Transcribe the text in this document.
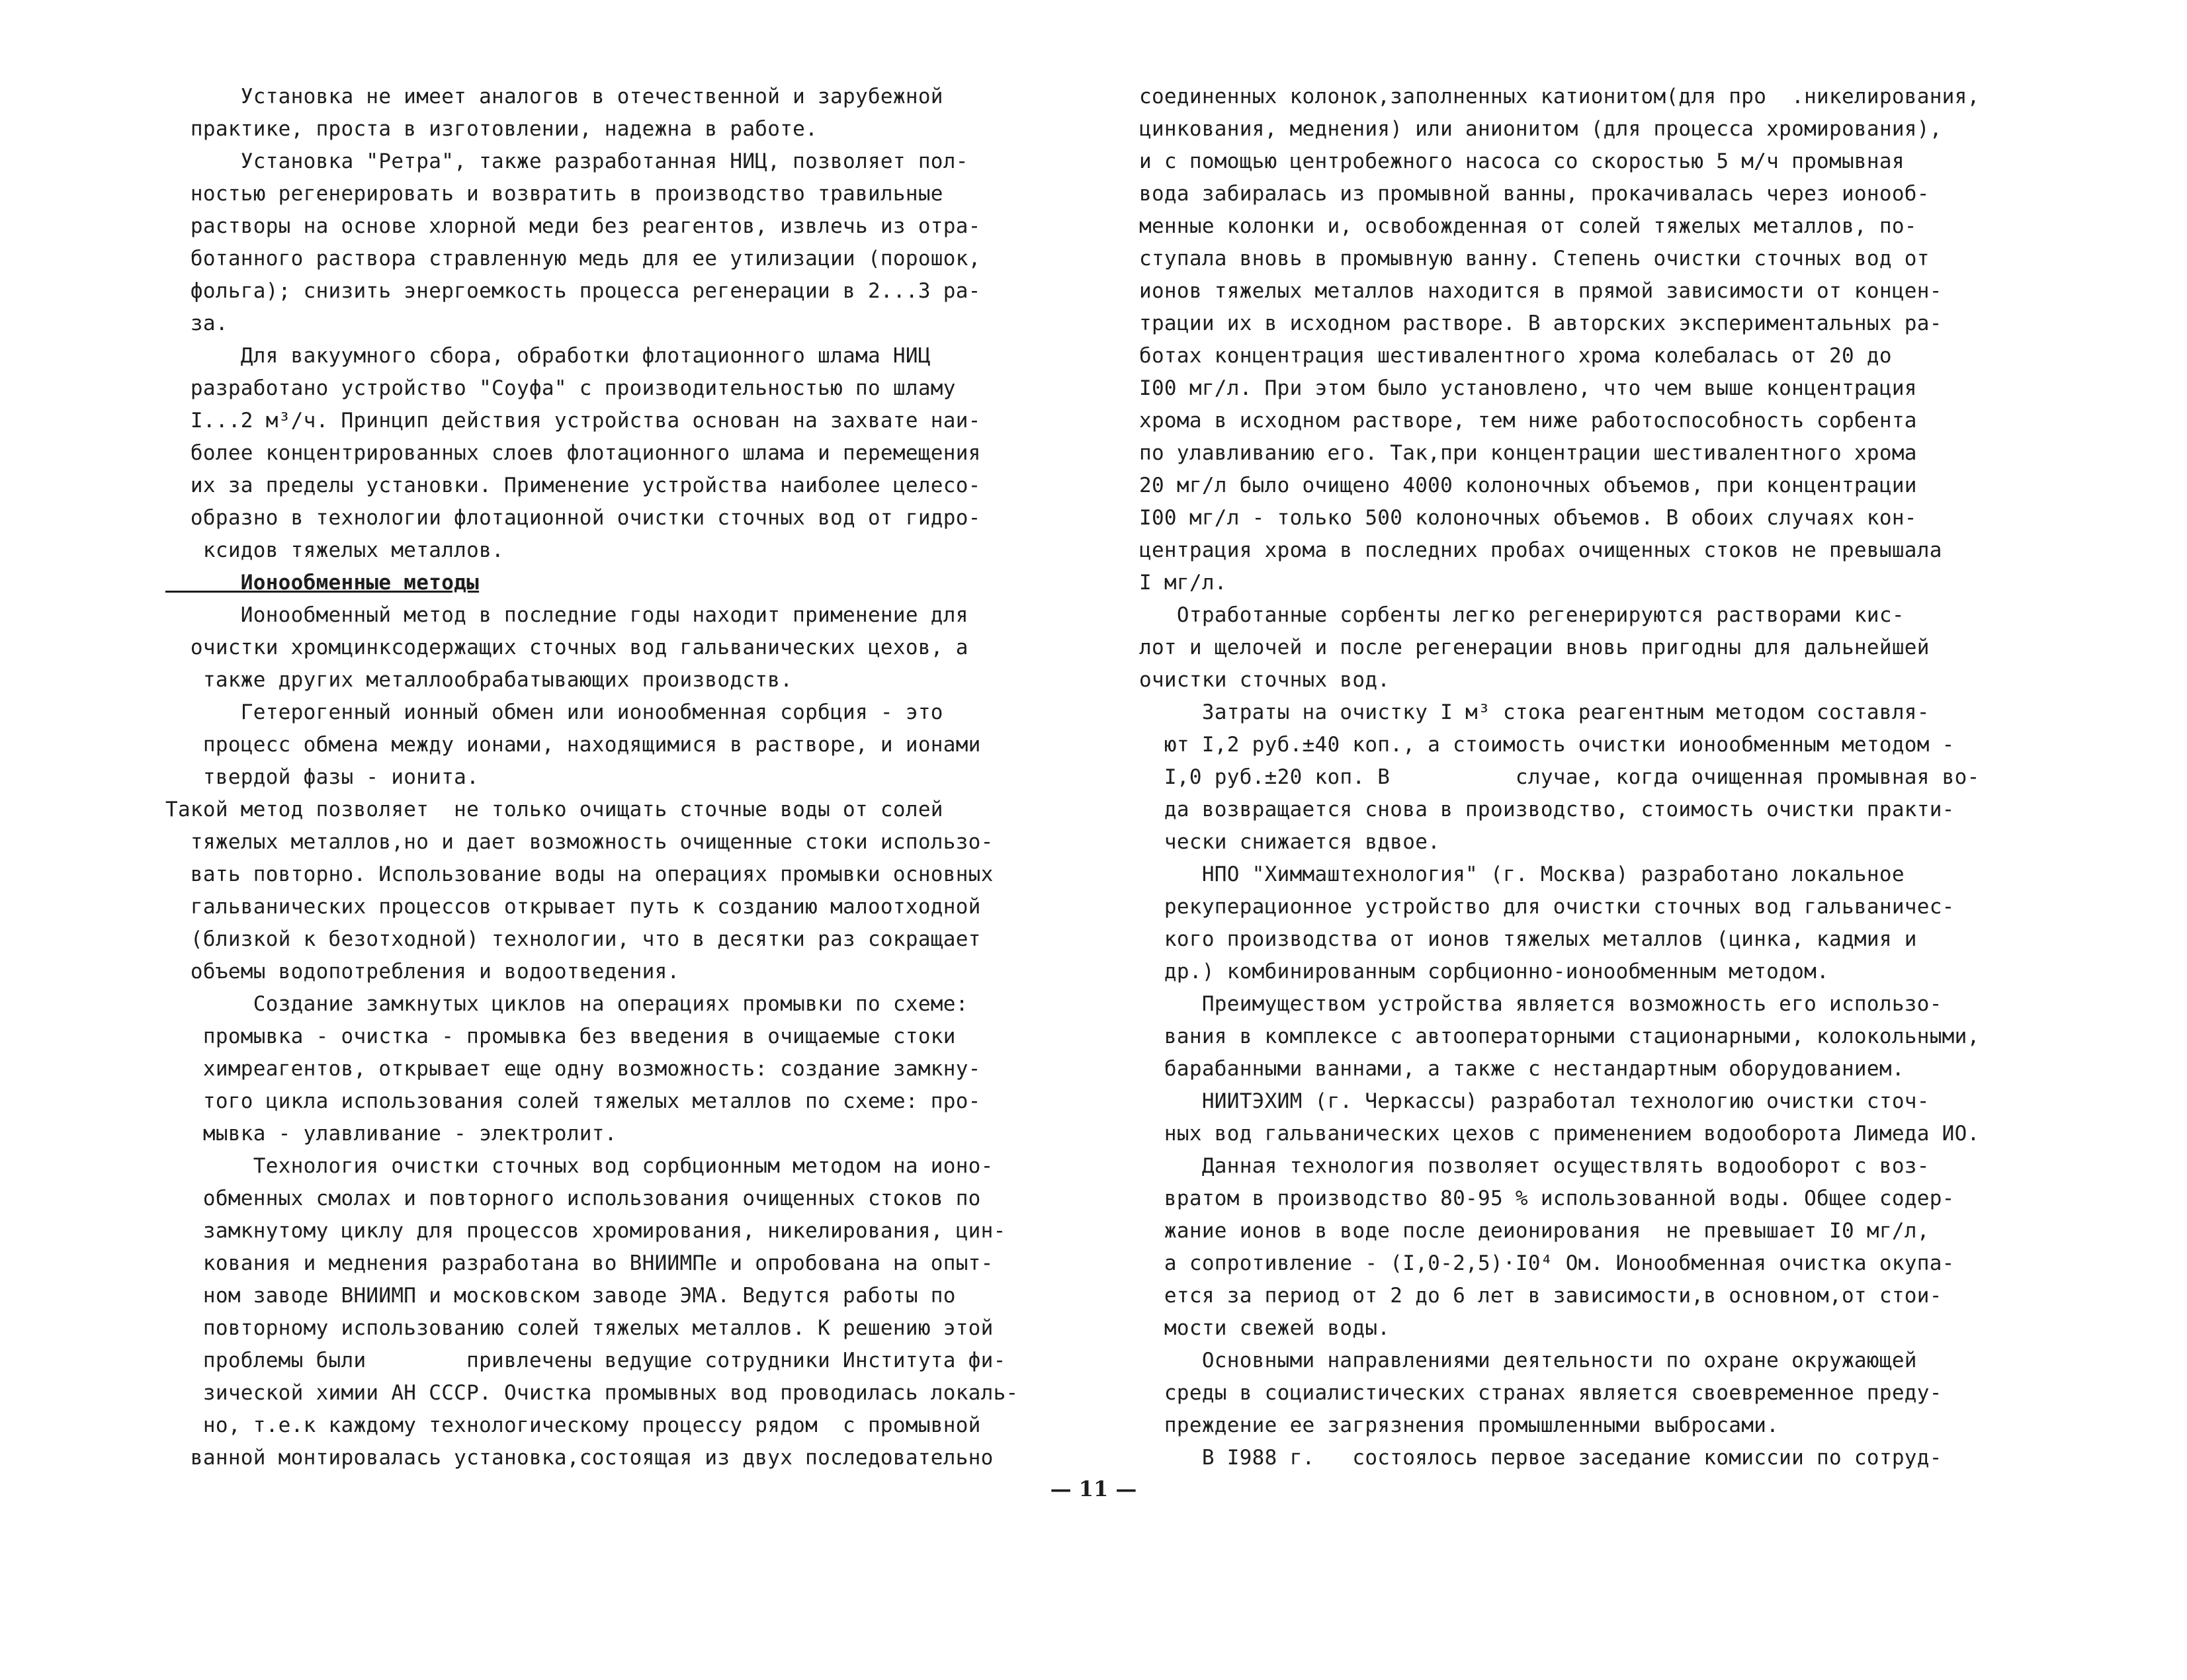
Установка не имеет аналогов в отечественной и зарубежной
практике, проста в изготовлении, надежна в работе.
Установка "Ретра", также разработанная НИЦ, позволяет пол-
ностью регенерировать и возвратить в производство травильные
растворы на основе хлорной меди без реагентов, извлечь из отра-
ботанного раствора стравленную медь для ее утилизации (порошок,
фольга); снизить энергоемкость процесса регенерации в 2...3 ра-
за.
Для вакуумного сбора, обработки флотационного шлама НИЦ
разработано устройство "Соуфа" с производительностью по шламу
I...2 м³/ч. Принцип действия устройства основан на захвате наи-
более концентрированных слоев флотационного шлама и перемещения
их за пределы установки. Применение устройства наиболее целесо-
образно в технологии флотационной очистки сточных вод от гидро-
ксидов тяжелых металлов.
Ионообменные методы
Ионообменный метод в последние годы находит применение для
очистки хромцинксодержащих сточных вод гальванических цехов, а
также других металлообрабатывающих производств.
Гетерогенный ионный обмен или ионообменная сорбция - это
процесс обмена между ионами, находящимися в растворе, и ионами
твердой фазы - ионита.
Такой метод позволяет  не только очищать сточные воды от солей
тяжелых металлов,но и дает возможность очищенные стоки использо-
вать повторно. Использование воды на операциях промывки основных
гальванических процессов открывает путь к созданию малоотходной
(близкой к безотходной) технологии, что в десятки раз сокращает
объемы водопотребления и водоотведения.
Создание замкнутых циклов на операциях промывки по схеме:
промывка - очистка - промывка без введения в очищаемые стоки
химреагентов, открывает еще одну возможность: создание замкну-
того цикла использования солей тяжелых металлов по схеме: про-
мывка - улавливание - электролит.
Технология очистки сточных вод сорбционным методом на ионо-
обменных смолах и повторного использования очищенных стоков по
замкнутому циклу для процессов хромирования, никелирования, цин-
кования и меднения разработана во ВНИИМПе и опробована на опыт-
ном заводе ВНИИМП и московском заводе ЭМА. Ведутся работы по
повторному использованию солей тяжелых металлов. К решению этой
проблемы были        привлечены ведущие сотрудники Института фи-
зической химии АН СССР. Очистка промывных вод проводилась локаль-
но, т.е.к каждому технологическому процессу рядом  с промывной
ванной монтировалась установка,состоящая из двух последовательно
соединенных колонок,заполненных катионитом(для про  .никелирования,
цинкования, меднения) или анионитом (для процесса хромирования),
и с помощью центробежного насоса со скоростью 5 м/ч промывная
вода забиралась из промывной ванны, прокачивалась через ионооб-
менные колонки и, освобожденная от солей тяжелых металлов, по-
ступала вновь в промывную ванну. Степень очистки сточных вод от
ионов тяжелых металлов находится в прямой зависимости от концен-
трации их в исходном растворе. В авторских экспериментальных ра-
ботах концентрация шестивалентного хрома колебалась от 20 до
I00 мг/л. При этом было установлено, что чем выше концентрация
хрома в исходном растворе, тем ниже работоспособность сорбента
по улавливанию его. Так,при концентрации шестивалентного хрома
20 мг/л было очищено 4000 колоночных объемов, при концентрации
I00 мг/л - только 500 колоночных объемов. В обоих случаях кон-
центрация хрома в последних пробах очищенных стоков не превышала
I мг/л.
Отработанные сорбенты легко регенерируются растворами кис-
лот и щелочей и после регенерации вновь пригодны для дальнейшей
очистки сточных вод.
Затраты на очистку I м³ стока реагентным методом составля-
ют I,2 руб.±40 коп., а стоимость очистки ионообменным методом -
I,0 руб.±20 коп. В          случае, когда очищенная промывная во-
да возвращается снова в производство, стоимость очистки практи-
чески снижается вдвое.
НПО "Химмаштехнология" (г. Москва) разработано локальное
рекуперационное устройство для очистки сточных вод гальваничес-
кого производства от ионов тяжелых металлов (цинка, кадмия и
др.) комбинированным сорбционно-ионообменным методом.
Преимуществом устройства является возможность его использо-
вания в комплексе с автооператорными стационарными, колокольными,
барабанными ваннами, а также с нестандартным оборудованием.
НИИТЭХИМ (г. Черкассы) разработал технологию очистки сточ-
ных вод гальванических цехов с применением водооборота Лимеда ИО.
Данная технология позволяет осуществлять водооборот с воз-
вратом в производство 80-95 % использованной воды. Общее содер-
жание ионов в воде после деионирования  не превышает I0 мг/л,
а сопротивление - (I,0-2,5)·I0⁴ Ом. Ионообменная очистка окупа-
ется за период от 2 до 6 лет в зависимости,в основном,от стои-
мости свежей воды.
Основными направлениями деятельности по охране окружающей
среды в социалистических странах является своевременное преду-
преждение ее загрязнения промышленными выбросами.
В I988 г.   состоялось первое заседание комиссии по сотруд-
— 11 —
